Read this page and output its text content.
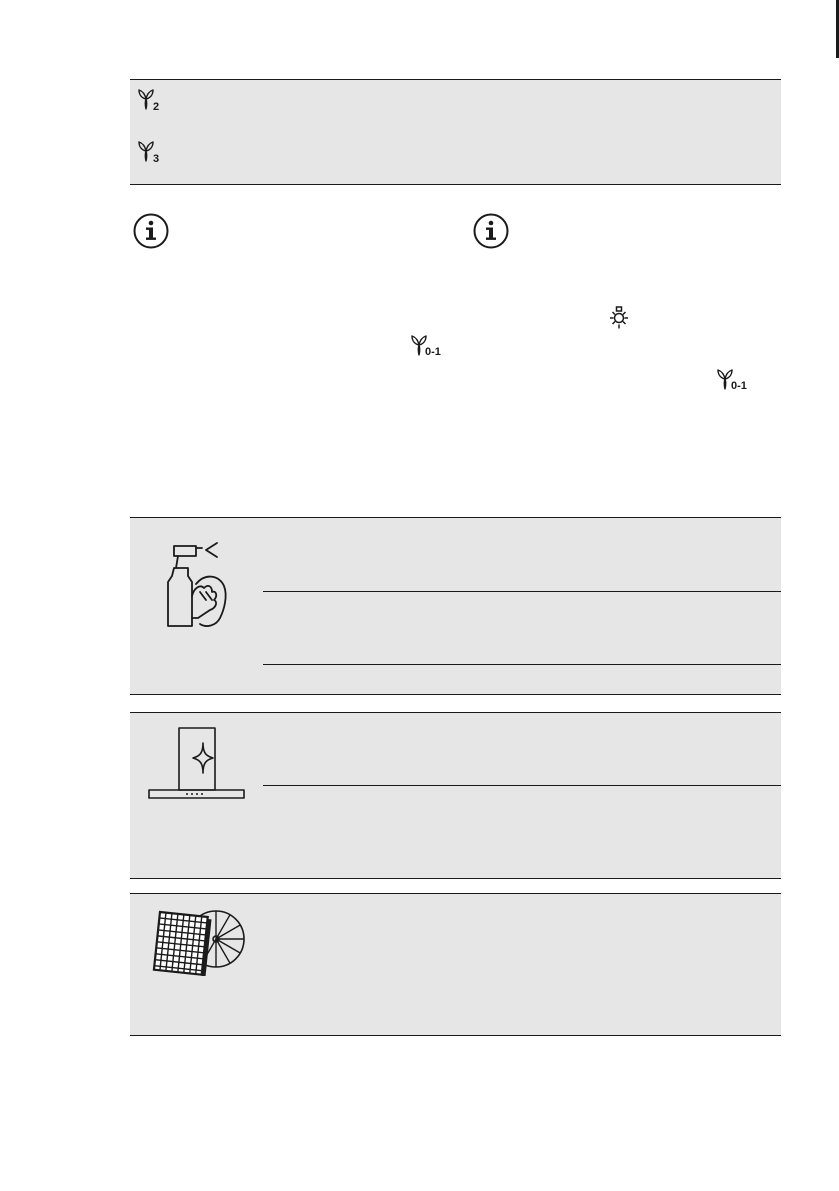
2
3
0-1
0-1
